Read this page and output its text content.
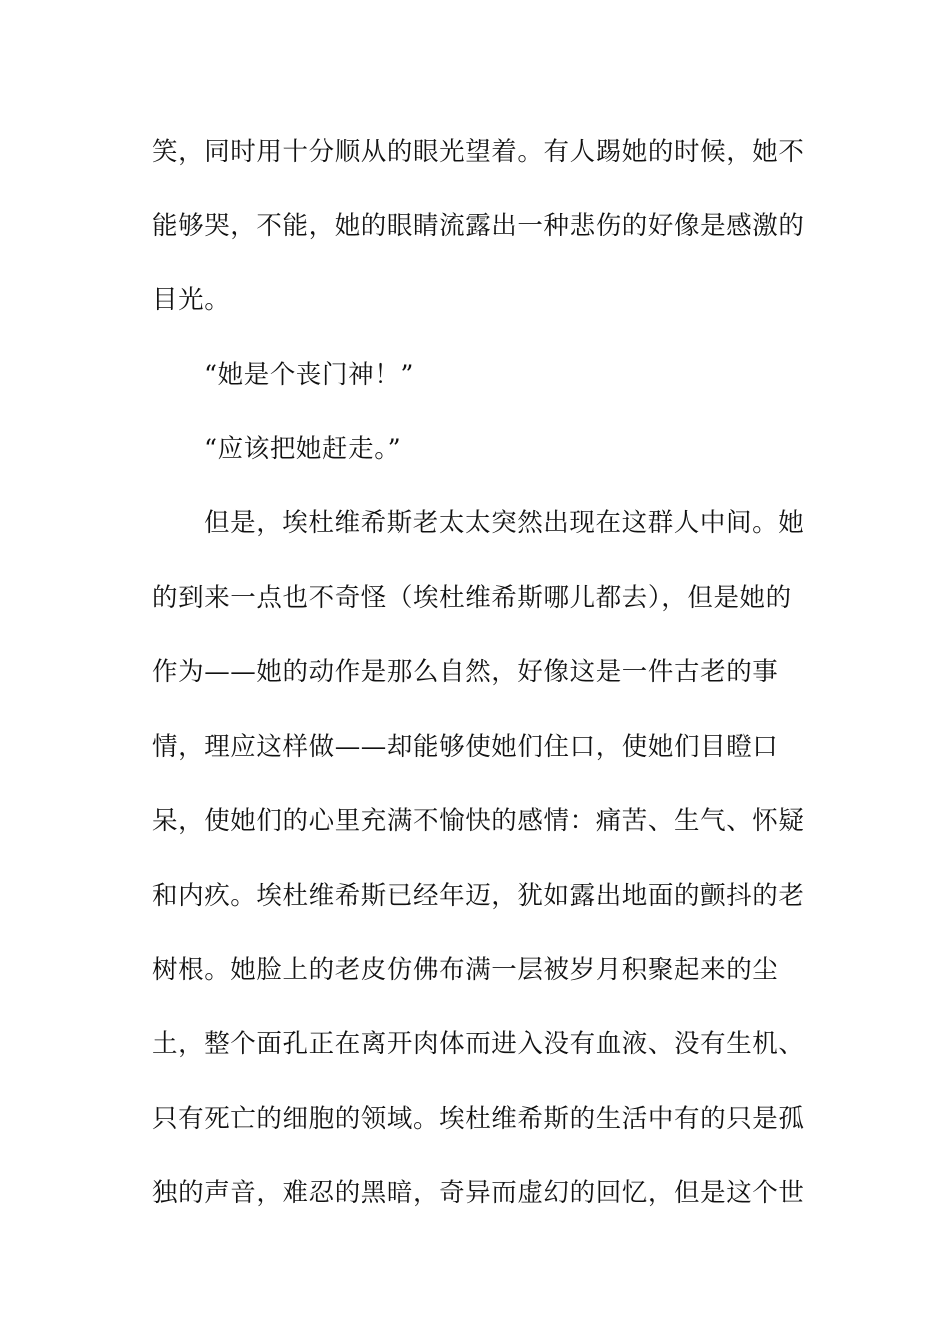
笑，同时用十分顺从的眼光望着。有人踢她的时候，她不
能够哭，不能，她的眼睛流露出一种悲伤的好像是感激的
目光。
“她是个丧门神！”
“应该把她赶走。”
但是，埃杜维希斯老太太突然出现在这群人中间。她
的到来一点也不奇怪（埃杜维希斯哪儿都去），但是她的
作为——她的动作是那么自然，好像这是一件古老的事
情，理应这样做——却能够使她们住口，使她们目瞪口
呆，使她们的心里充满不愉快的感情：痛苦、生气、怀疑
和内疚。埃杜维希斯已经年迈，犹如露出地面的颤抖的老
树根。她脸上的老皮仿佛布满一层被岁月积聚起来的尘
土，整个面孔正在离开肉体而进入没有血液、没有生机、
只有死亡的细胞的领域。埃杜维希斯的生活中有的只是孤
独的声音，难忍的黑暗，奇异而虚幻的回忆，但是这个世
